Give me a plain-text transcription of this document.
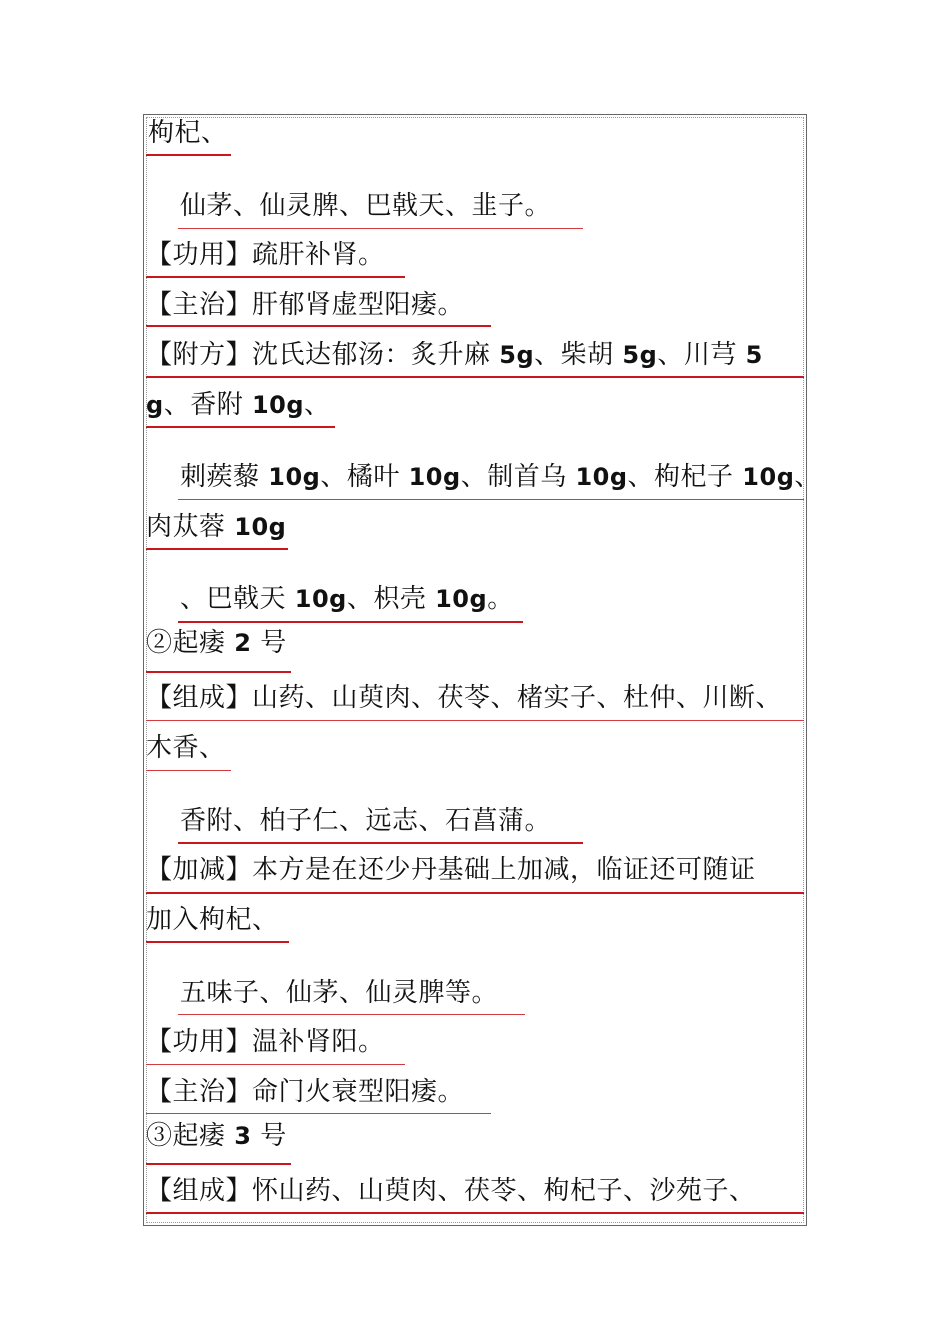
枸杞、
仙茅、仙灵脾、巴戟天、韭子。
【功用】疏肝补肾。
【主治】肝郁肾虚型阳痿。
【附方】沈氏达郁汤：炙升麻 5g、柴胡 5g、川芎 5
g、香附 10g、
刺蒺藜 10g、橘叶 10g、制首乌 10g、枸杞子 10g、
肉苁蓉 10g
、巴戟天 10g、枳壳 10g。
②起痿 2 号
【组成】山药、山萸肉、茯苓、楮实子、杜仲、川断、
木香、
香附、柏子仁、远志、石菖蒲。
【加减】本方是在还少丹基础上加减，临证还可随证
加入枸杞、
五味子、仙茅、仙灵脾等。
【功用】温补肾阳。
【主治】命门火衰型阳痿。
③起痿 3 号
【组成】怀山药、山萸肉、茯苓、枸杞子、沙苑子、
